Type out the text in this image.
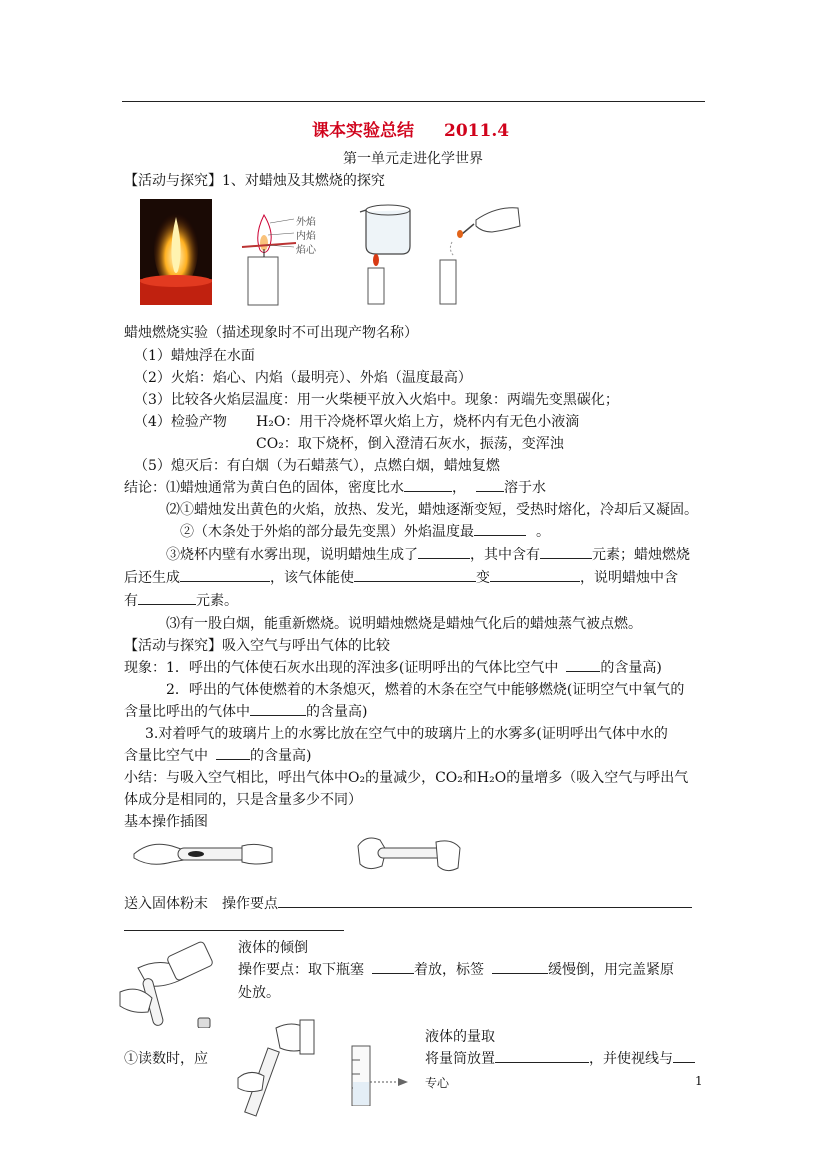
课本实验总结 2011.4
第一单元走进化学世界
【活动与探究】1、对蜡烛及其燃烧的探究
外焰
内焰
焰心
蜡烛燃烧实验（描述现象时不可出现产物名称）
（1）蜡烛浮在水面
（2）火焰：焰心、内焰（最明亮）、外焰（温度最高）
（3）比较各火焰层温度：用一火柴梗平放入火焰中。现象：两端先变黑碳化；
（4）检验产物 H₂O：用干冷烧杯罩火焰上方，烧杯内有无色小液滴
CO₂：取下烧杯，倒入澄清石灰水，振荡，变浑浊
（5）熄灭后：有白烟（为石蜡蒸气），点燃白烟，蜡烛复燃
结论：⑴蜡烛通常为黄白色的固体，密度比水	，	溶于水
⑵①蜡烛发出黄色的火焰，放热、发光，蜡烛逐渐变短，受热时熔化，冷却后又凝固。
②（木条处于外焰的部分最先变黑）外焰温度最	。
③烧杯内壁有水雾出现，说明蜡烛生成了	，其中含有	元素；蜡烛燃烧
后还生成	，该气体能使	变	，说明蜡烛中含
有	元素。
⑶有一股白烟，能重新燃烧。说明蜡烛燃烧是蜡烛气化后的蜡烛蒸气被点燃。
【活动与探究】吸入空气与呼出气体的比较
现象：1．呼出的气体使石灰水出现的浑浊多(证明呼出的气体比空气中	的含量高)
2．呼出的气体使燃着的木条熄灭，燃着的木条在空气中能够燃烧(证明空气中氧气的
含量比呼出的气体中	的含量高)
3.对着呼气的玻璃片上的水雾比放在空气中的玻璃片上的水雾多(证明呼出气体中水的
含量比空气中	的含量高)
小结：与吸入空气相比，呼出气体中O₂的量减少，CO₂和H₂O的量增多（吸入空气与呼出气
体成分是相同的，只是含量多少不同）
基本操作插图
送入固体粉末 操作要点
液体的倾倒
操作要点：取下瓶塞	着放，标签	缓慢倒，用完盖紧原
处放。
液体的量取
将量筒放置	，并使视线与
①读数时，应
专心	1
